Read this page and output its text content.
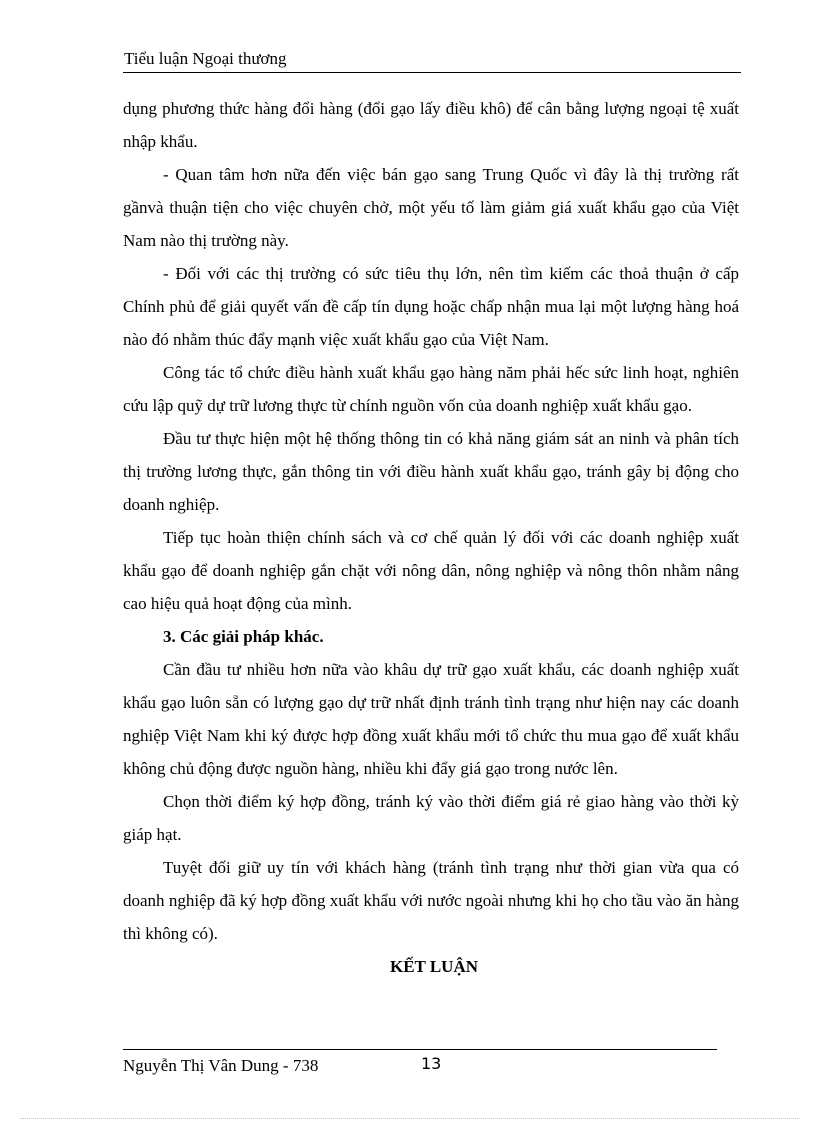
Tiểu luận Ngoại thương

dụng phương thức hàng đổi hàng (đổi gạo lấy điều khô) để cân bằng lượng ngoại tệ xuất nhập khẩu.

- Quan tâm hơn nữa đến việc bán gạo sang Trung Quốc vì đây là thị trường rất gầnvà thuận tiện cho việc chuyên chở, một yếu tố làm giảm giá xuất khẩu gạo của Việt Nam nào thị trường này.

- Đối với các thị trường có sức tiêu thụ lớn, nên tìm kiếm các thoả thuận ở cấp Chính phủ để giải quyết vấn đề cấp tín dụng hoặc chấp nhận mua lại một lượng hàng hoá nào đó nhằm thúc đẩy mạnh việc xuất khẩu gạo của Việt Nam.

Công tác tổ chức điều hành xuất khẩu gạo hàng năm phải hếc sức linh hoạt, nghiên cứu lập quỹ dự trữ lương thực từ chính nguồn vốn của doanh nghiệp xuất khẩu gạo.

Đầu tư thực hiện một hệ thống thông tin có khả năng giám sát an ninh và phân tích thị trường lương thực, gắn thông tin với điều hành xuất khẩu gạo, tránh gây bị động cho doanh nghiệp.

Tiếp tục hoàn thiện chính sách và cơ chế quản lý đối với các doanh nghiệp xuất khẩu gạo để doanh nghiệp gắn chặt với nông dân, nông nghiệp và nông thôn nhằm nâng cao hiệu quả hoạt động của mình.

3. Các giải pháp khác.

Cần đầu tư nhiều hơn nữa vào khâu dự trữ gạo xuất khẩu, các doanh nghiệp xuất khẩu gạo luôn sẵn có lượng gạo dự trữ nhất định tránh tình trạng như hiện nay các doanh nghiệp Việt Nam khi ký được hợp đồng xuất khẩu mới tổ chức thu mua gạo để xuất khẩu không chủ động được nguồn hàng, nhiều khi đẩy giá gạo trong nước lên.

Chọn thời điểm ký hợp đồng, tránh ký vào thời điểm giá rẻ giao hàng vào thời kỳ giáp hạt.

Tuyệt đối giữ uy tín với khách hàng (tránh tình trạng như thời gian vừa qua có doanh nghiệp đã ký hợp đồng xuất khẩu với nước ngoài nhưng khi họ cho tầu vào ăn hàng thì không có).

KẾT LUẬN

Nguyễn Thị Vân Dung - 738	13
